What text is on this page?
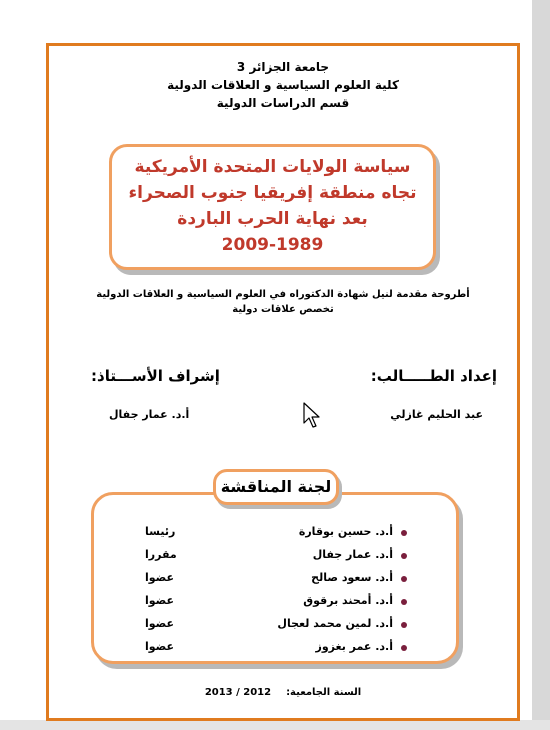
جامعة الجزائر 3
كلية العلوم السياسية و العلاقات الدولية
قسم الدراسات الدولية
سياسة الولايات المتحدة الأمريكية
تجاه منطقة إفريقيا جنوب الصحراء
بعد نهاية الحرب الباردة
2009-1989
أطروحة مقدمة لنيل شهادة الدكتوراه في العلوم السياسية و العلاقات الدولية
تخصص علاقات دولية
إعداد الطـــــالب:
إشراف الأســـتاذ:
عبد الحليم غازلي
أ.د. عمار جفال
لجنة المناقشة
أ.د. حسين بوقارة
رئيسا
أ.د. عمار جفال
مقررا
أ.د. سعود صالح
عضوا
أ.د. أمحند برقوق
عضوا
أ.د. لمين محمد لعجال
عضوا
أ.د. عمر بغزوز
عضوا
السنة الجامعية:  2013 / 2012
